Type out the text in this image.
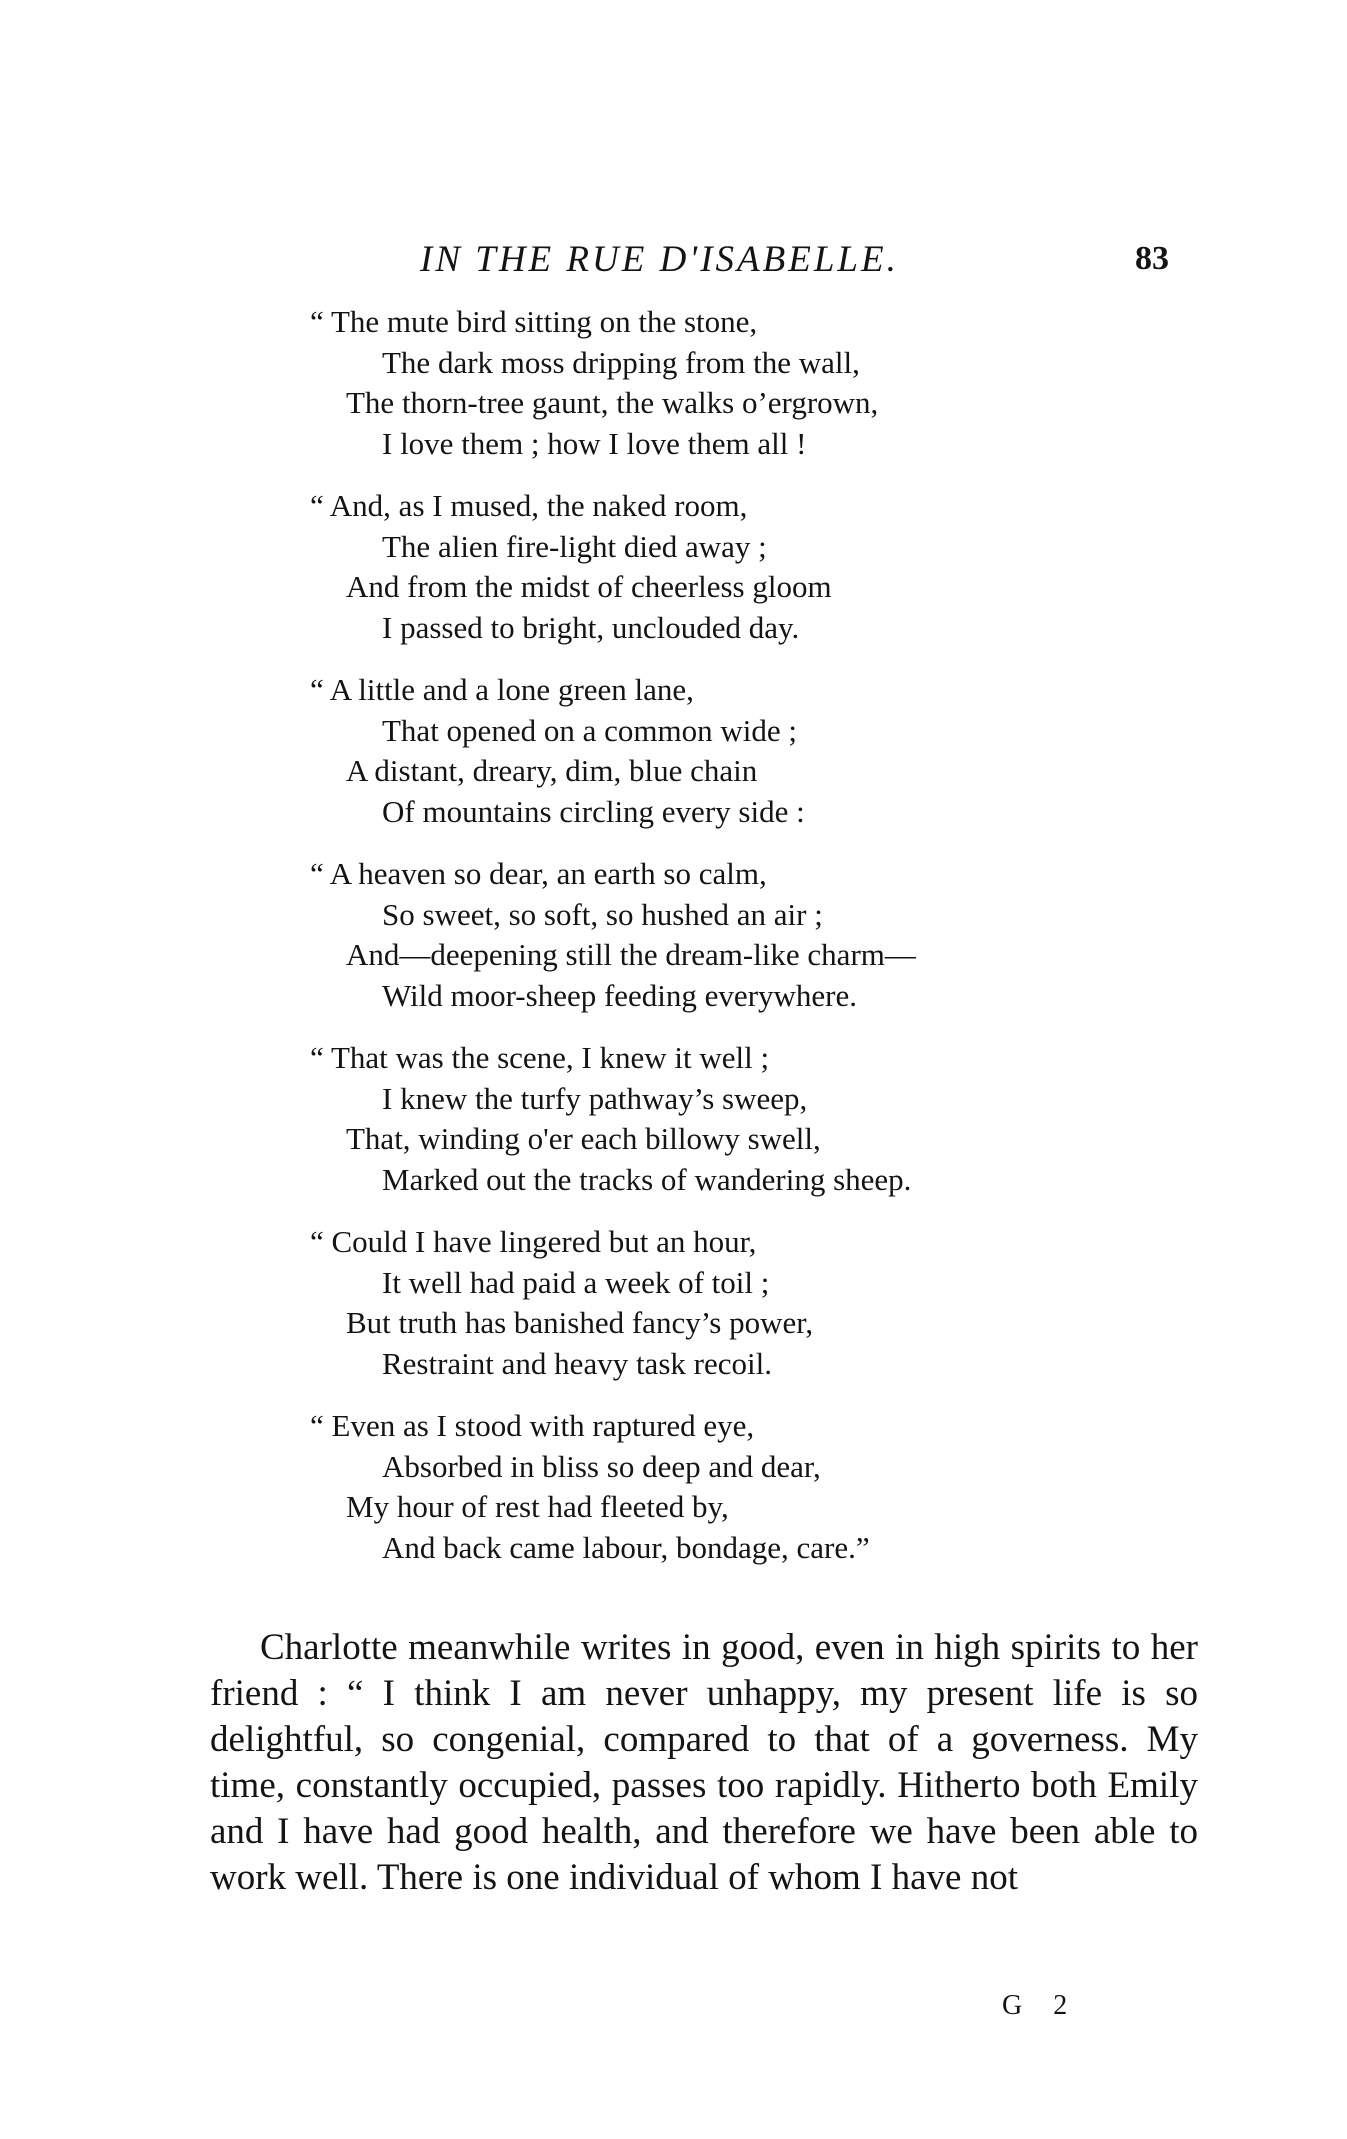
IN THE RUE D'ISABELLE.	83
“ The mute bird sitting on the stone,
The dark moss dripping from the wall,
The thorn-tree gaunt, the walks o’ergrown,
I love them ; how I love them all !
“ And, as I mused, the naked room,
The alien fire-light died away ;
And from the midst of cheerless gloom
I passed to bright, unclouded day.
“ A little and a lone green lane,
That opened on a common wide ;
A distant, dreary, dim, blue chain
Of mountains circling every side :
“ A heaven so dear, an earth so calm,
So sweet, so soft, so hushed an air ;
And—deepening still the dream-like charm—
Wild moor-sheep feeding everywhere.
“ That was the scene, I knew it well ;
I knew the turfy pathway’s sweep,
That, winding o'er each billowy swell,
Marked out the tracks of wandering sheep.
“ Could I have lingered but an hour,
It well had paid a week of toil ;
But truth has banished fancy’s power,
Restraint and heavy task recoil.
“ Even as I stood with raptured eye,
Absorbed in bliss so deep and dear,
My hour of rest had fleeted by,
And back came labour, bondage, care.”

Charlotte meanwhile writes in good, even in high spirits to her friend : “ I think I am never unhappy, my present life is so delightful, so congenial, compared to that of a governess. My time, constantly occupied, passes too rapidly. Hitherto both Emily and I have had good health, and therefore we have been able to work well. There is one individual of whom I have not

G 2
